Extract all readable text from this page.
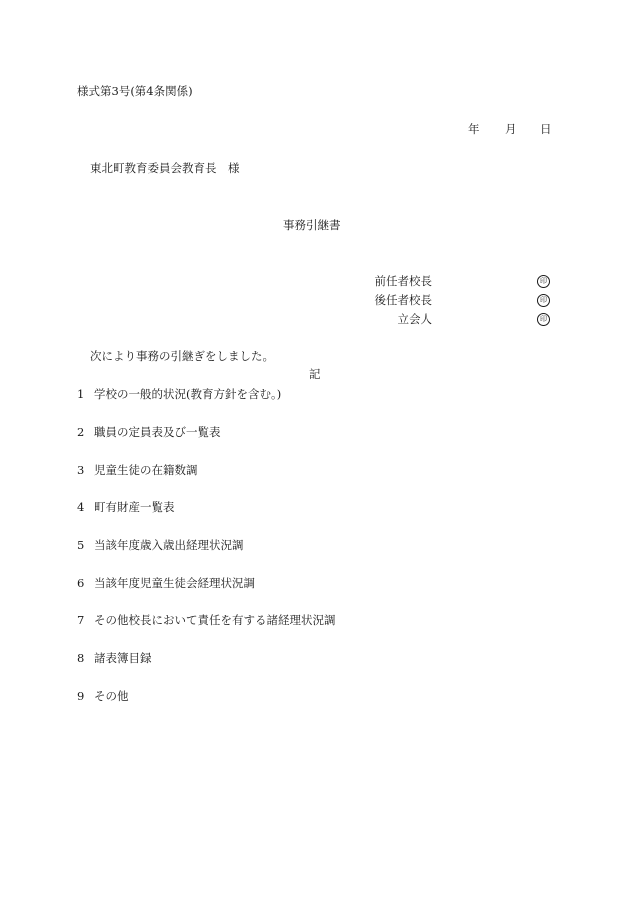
様式第3号(第4条関係)
年 月 日
東北町教育委員会教育長　様
事務引継書
前任者校長	印
後任者校長	印
立会人	印
次により事務の引継ぎをしました。
記
1 学校の一般的状況(教育方針を含む。)
2 職員の定員表及び一覧表
3 児童生徒の在籍数調
4 町有財産一覧表
5 当該年度歳入歳出経理状況調
6 当該年度児童生徒会経理状況調
7 その他校長において責任を有する諸経理状況調
8 諸表簿目録
9 その他
